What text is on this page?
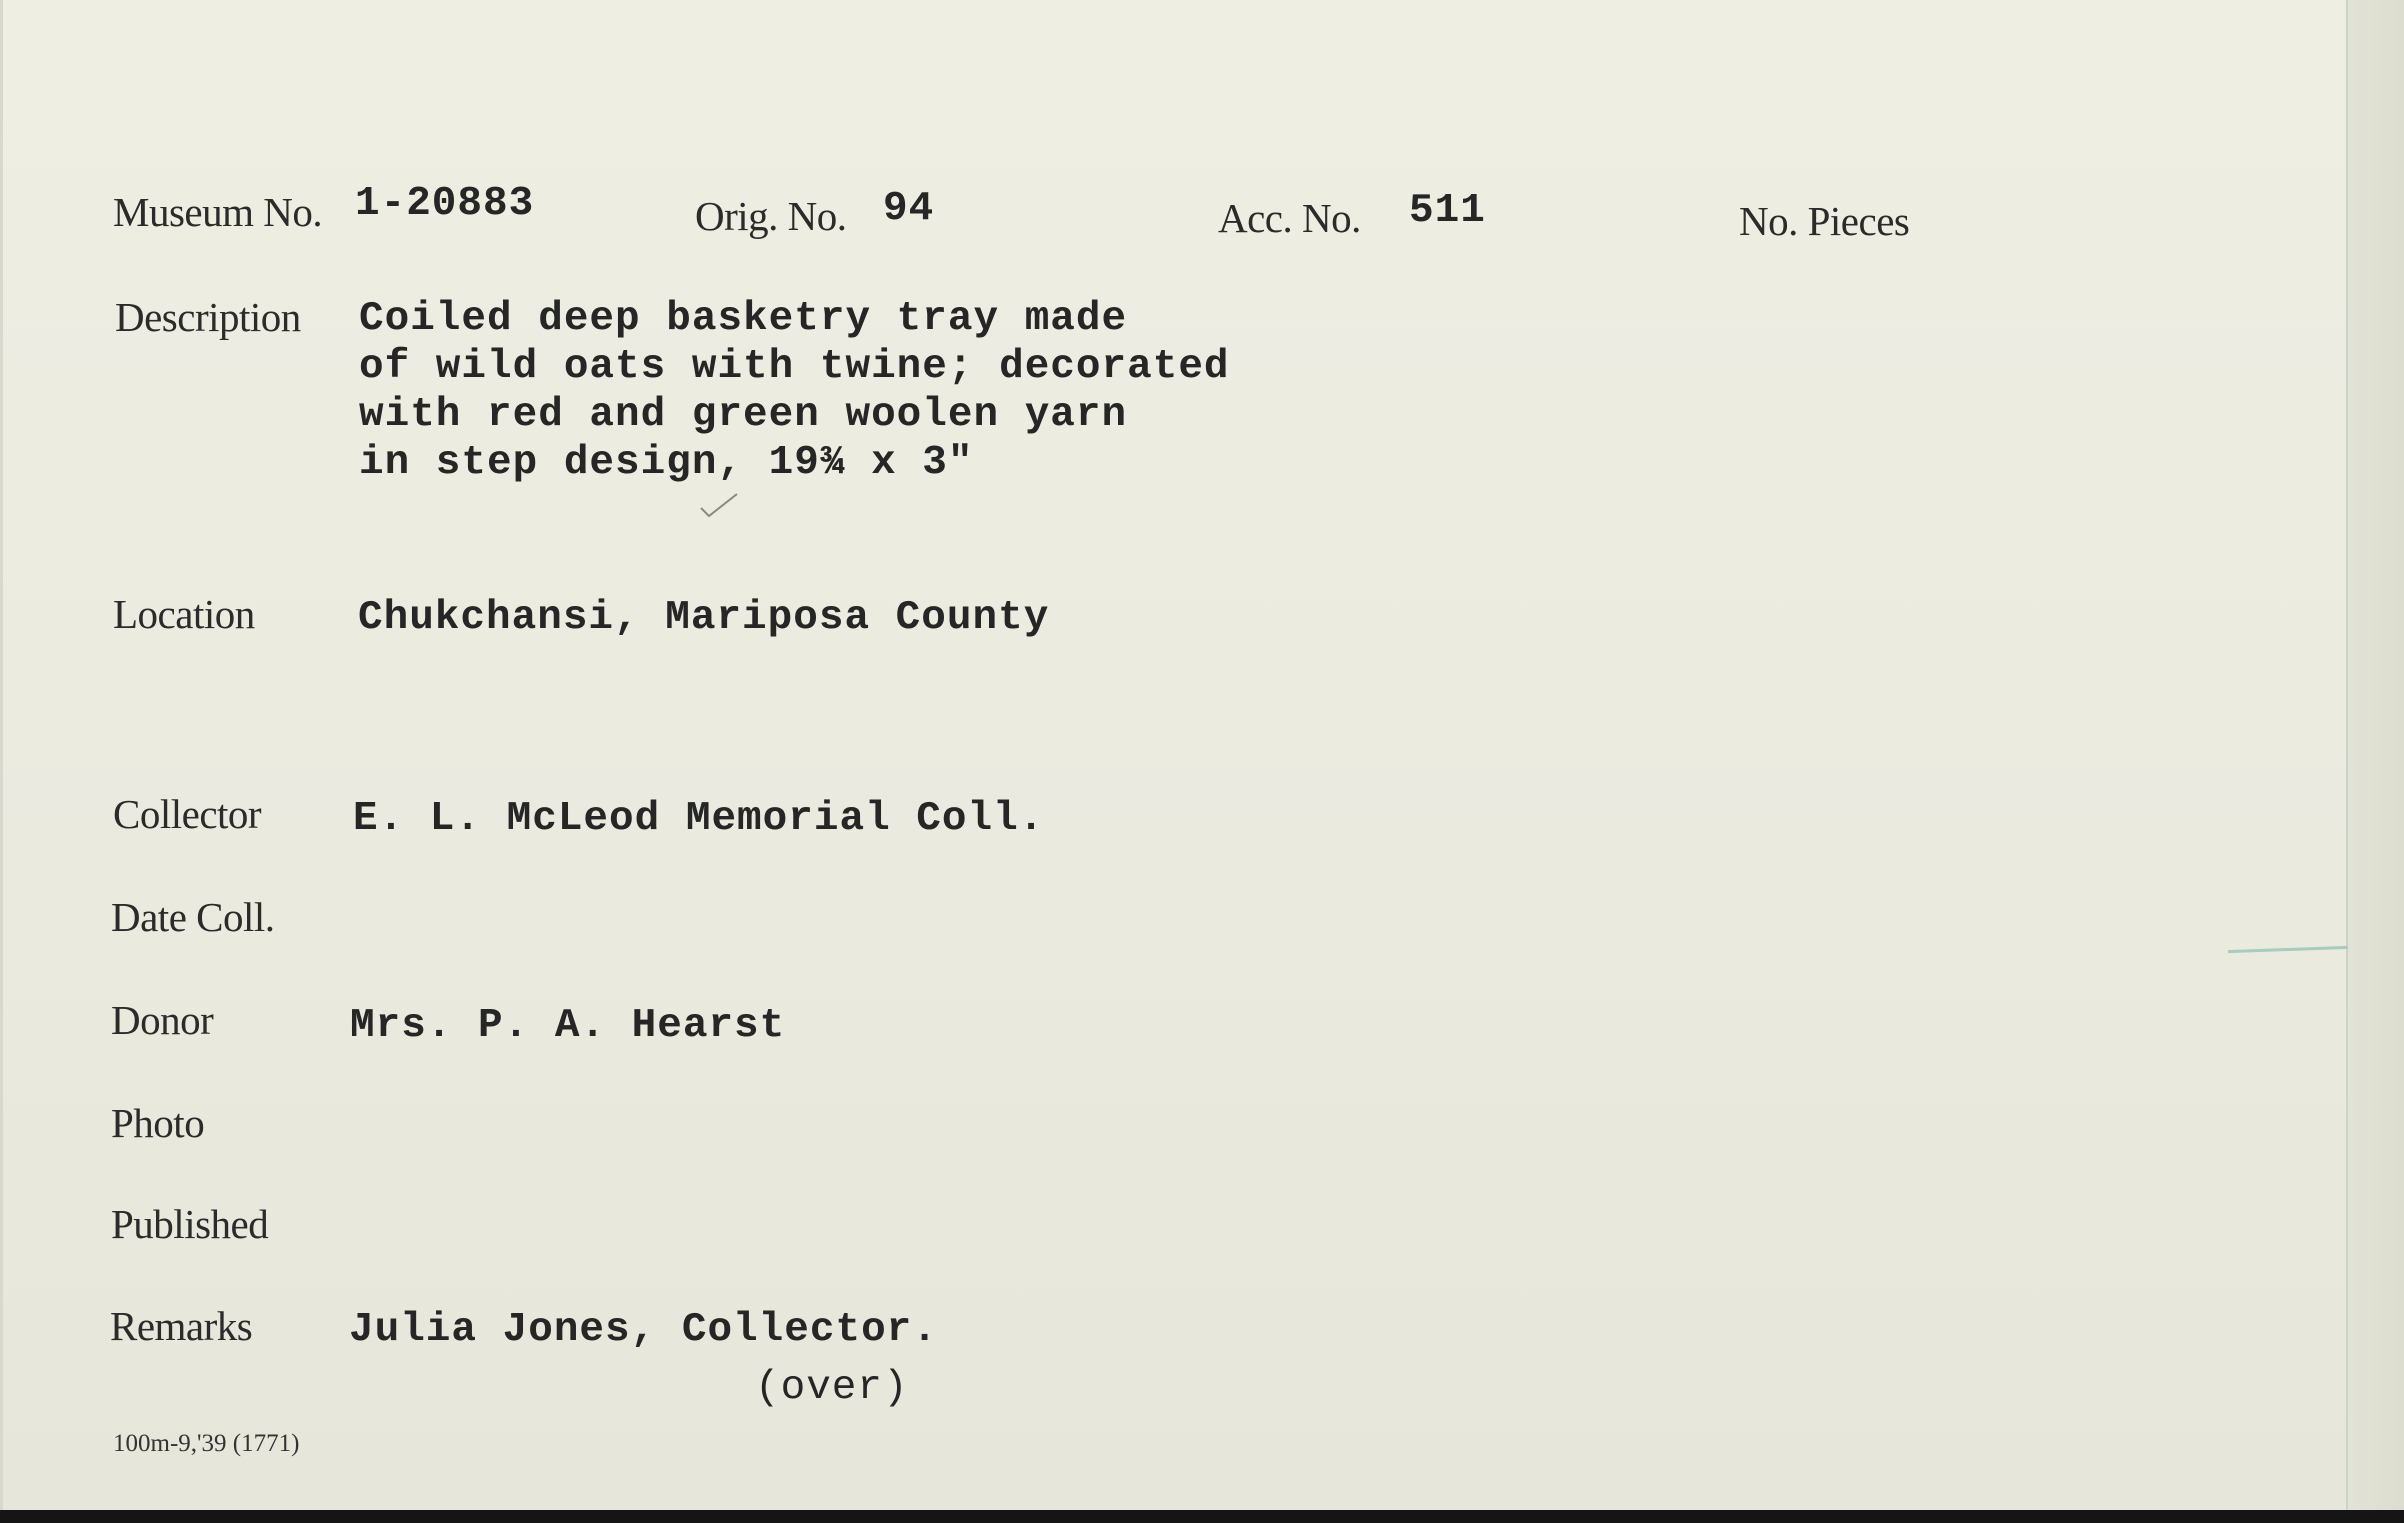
Museum No. 1-20883	Orig. No. 94	Acc. No. 511	No. Pieces
Description Coiled deep basketry tray made
of wild oats with twine; decorated
with red and green woolen yarn
in step design, 19¾ x 3"
Location	Chukchansi, Mariposa County
Collector E. L. McLeod Memorial Coll.
Date Coll.
Donor	Mrs. P. A. Hearst
Photo
Published
Remarks Julia Jones, Collector.
(over)
100m-9,'39 (1771)
